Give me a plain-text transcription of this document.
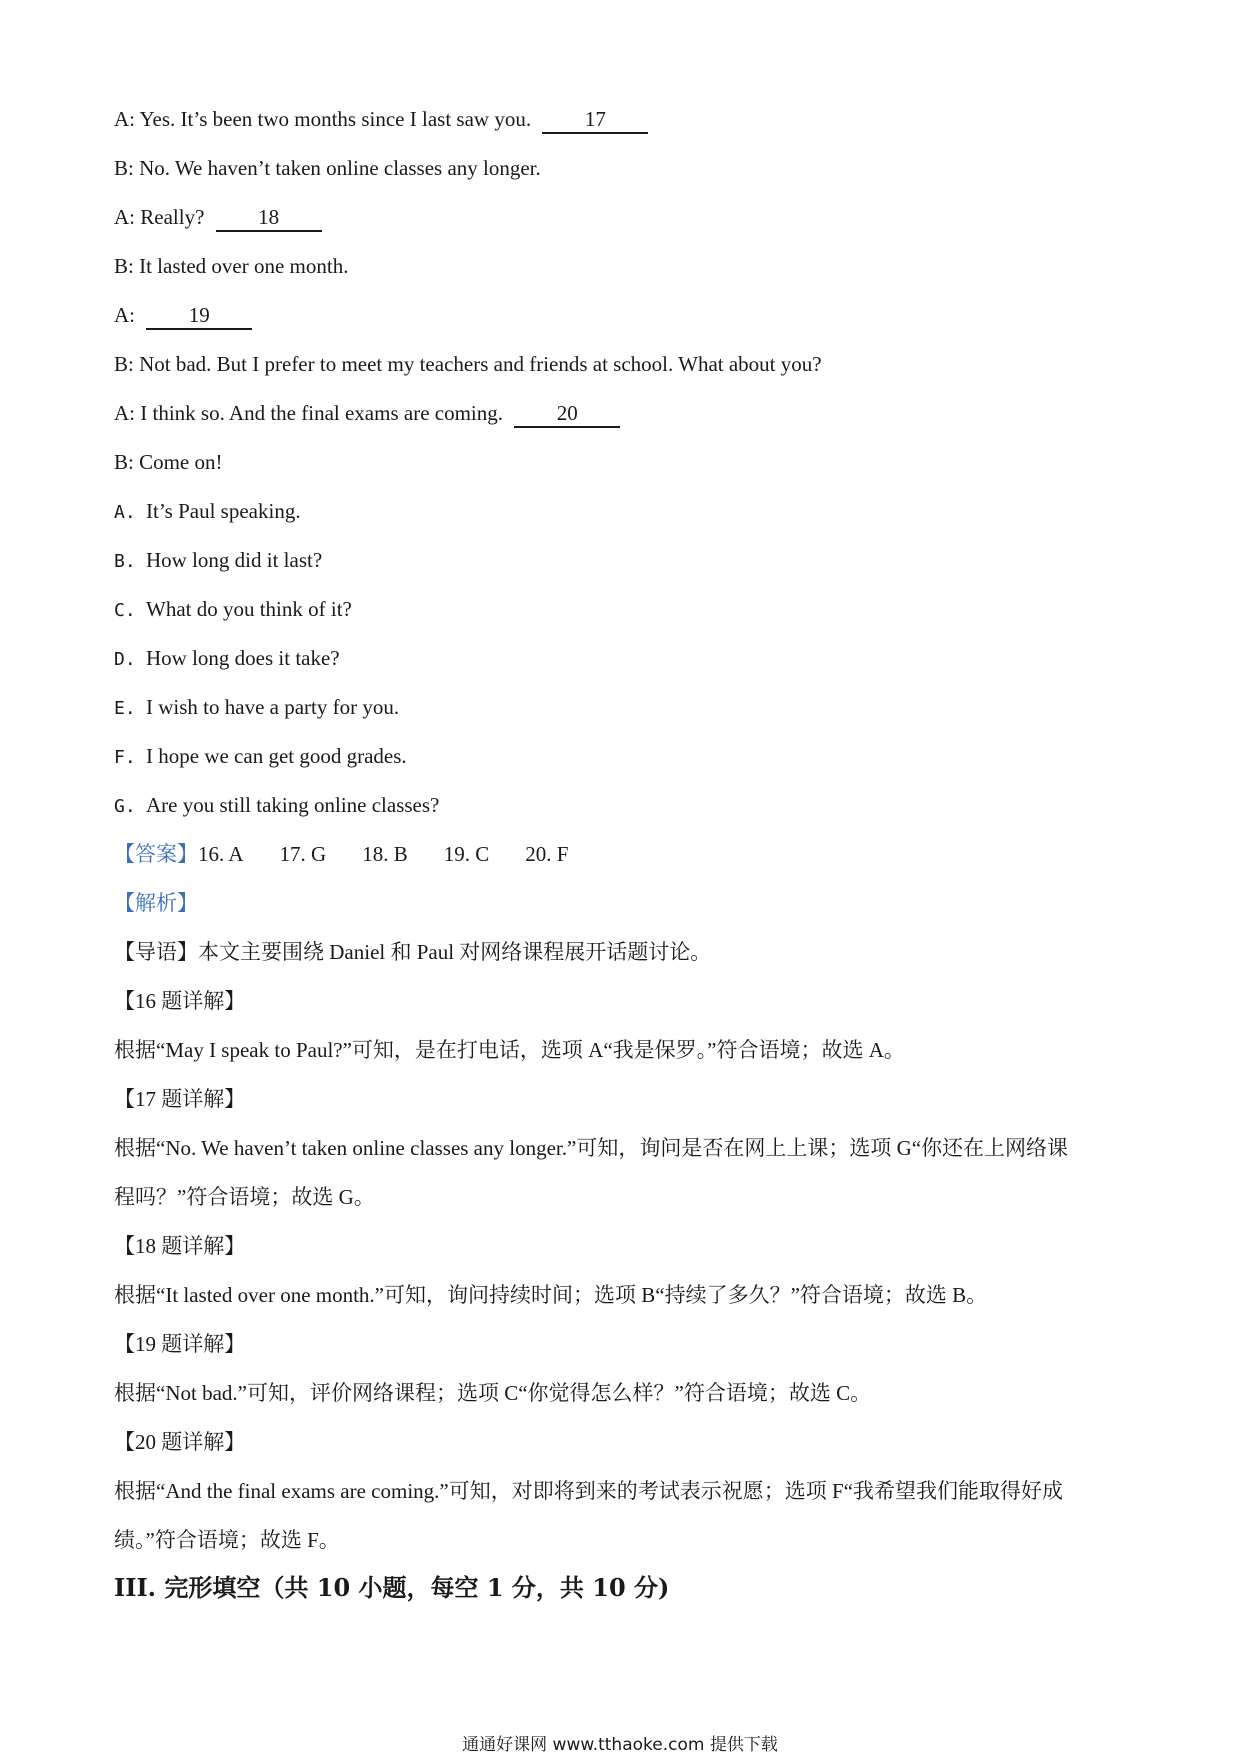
A: Yes. It’s been two months since I last saw you.	17
B: No. We haven’t taken online classes any longer.
A: Really?	18
B: It lasted over one month.
A:	19
B: Not bad. But I prefer to meet my teachers and friends at school. What about you?
A: I think so. And the final exams are coming.	20
B: Come on!
A. It’s Paul speaking.
B. How long did it last?
C. What do you think of it?
D. How long does it take?
E. I wish to have a party for you.
F. I hope we can get good grades.
G. Are you still taking online classes?
【答案】16. A 17. G 18. B 19. C 20. F
【解析】
【导语】本文主要围绕 Daniel 和 Paul 对网络课程展开话题讨论。
【16 题详解】
根据“May I speak to Paul?”可知，是在打电话，选项 A“我是保罗。”符合语境；故选 A。
【17 题详解】
根据“No. We haven’t taken online classes any longer.”可知，询问是否在网上上课；选项 G“你还在上网络课
程吗？”符合语境；故选 G。
【18 题详解】
根据“It lasted over one month.”可知，询问持续时间；选项 B“持续了多久？”符合语境；故选 B。
【19 题详解】
根据“Not bad.”可知，评价网络课程；选项 C“你觉得怎么样？”符合语境；故选 C。
【20 题详解】
根据“And the final exams are coming.”可知，对即将到来的考试表示祝愿；选项 F“我希望我们能取得好成
绩。”符合语境；故选 F。
III. 完形填空（共 10 小题，每空 1 分，共 10 分)
通通好课网 www.tthaoke.com 提供下载
